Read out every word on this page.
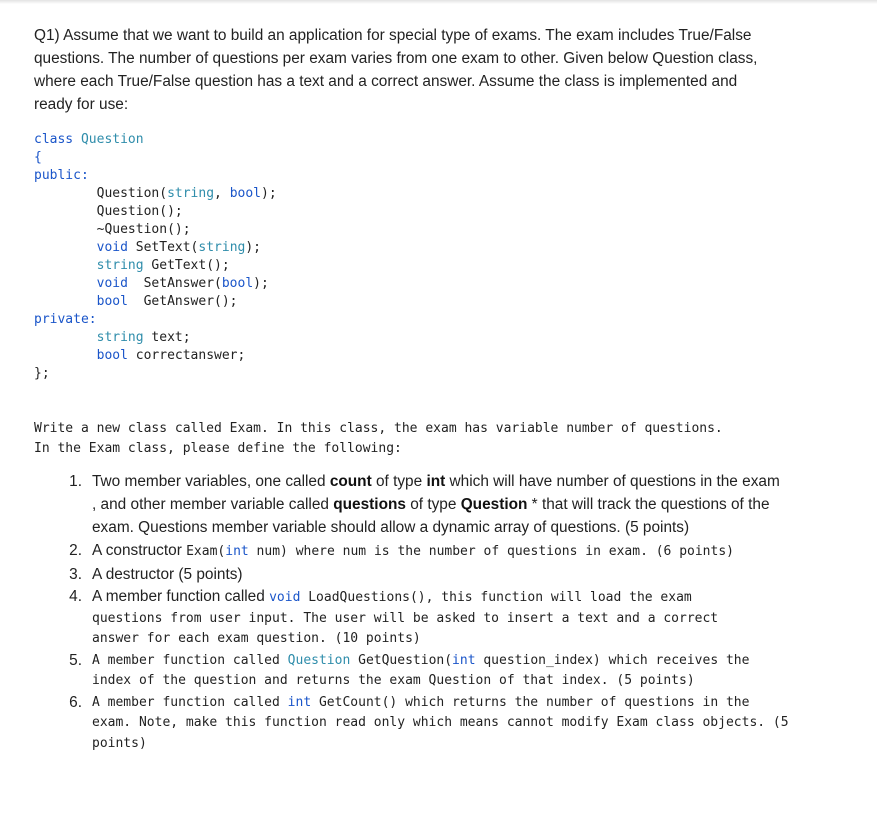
Q1) Assume that we want to build an application for special type of exams. The exam includes True/False questions. The number of questions per exam varies from one exam to other. Given below Question class, where each True/False question has a text and a correct answer. Assume the class is implemented and ready for use:

class Question
{
public:
Question(string, bool);
Question();
~Question();
void SetText(string);
string GetText();
void  SetAnswer(bool);
bool  GetAnswer();
private:
string text;
bool correctanswer;
};
Write a new class called Exam. In this class, the exam has variable number of questions.
In the Exam class, please define the following:
1. Two member variables, one called count of type int which will have number of questions in the exam , and other member variable called questions of type Question * that will track the questions of the exam. Questions member variable should allow a dynamic array of questions. (5 points)
2. A constructor Exam(int num) where num is the number of questions in exam. (6 points)
3. A destructor (5 points)
4. A member function called void LoadQuestions(), this function will load the exam questions from user input. The user will be asked to insert a text and a correct answer for each exam question. (10 points)
5. A member function called Question GetQuestion(int question_index) which receives the index of the question and returns the exam Question of that index. (5 points)
6. A member function called int GetCount() which returns the number of questions in the exam. Note, make this function read only which means cannot modify Exam class objects. (5 points)
